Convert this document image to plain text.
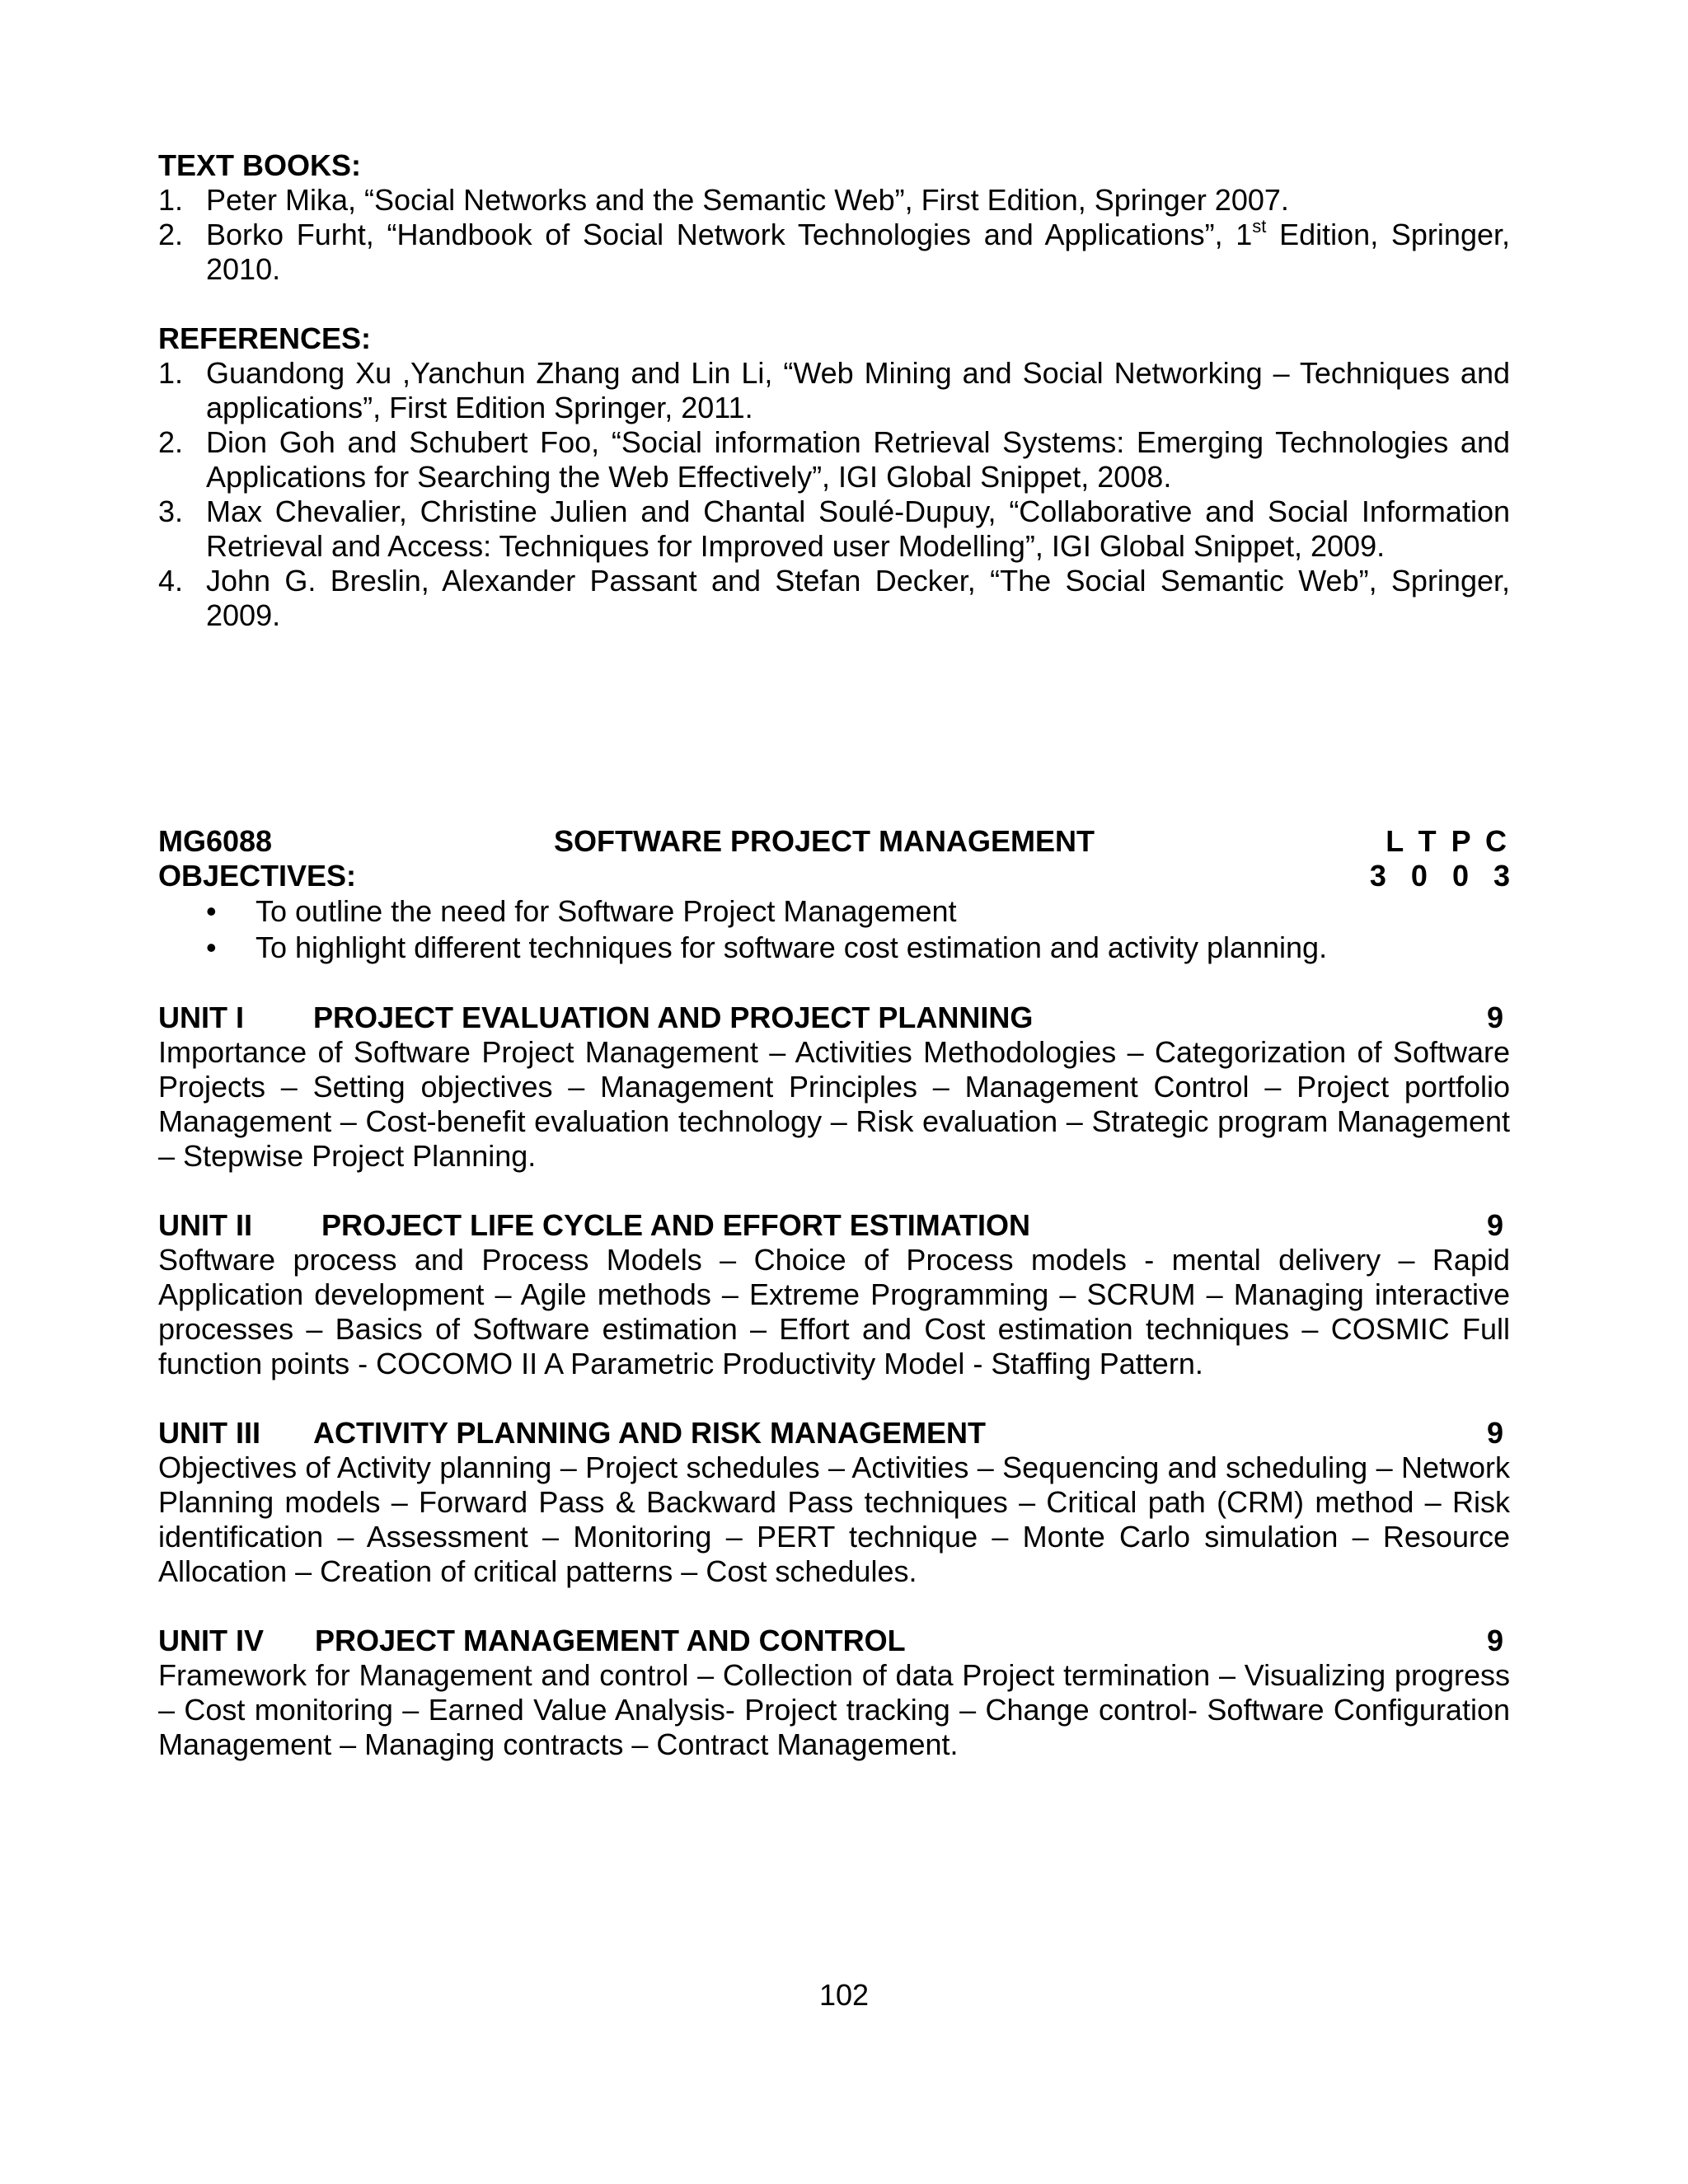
TEXT BOOKS:

1. Peter Mika, “Social Networks and the Semantic Web”, First Edition, Springer 2007.
2. Borko Furht, “Handbook of Social Network Technologies and Applications”, 1st Edition, Springer, 2010.

REFERENCES:

1. Guandong Xu ,Yanchun Zhang and Lin Li, “Web Mining and Social Networking – Techniques and applications”, First Edition Springer, 2011.
2. Dion Goh and Schubert Foo, “Social information Retrieval Systems: Emerging Technologies and Applications for Searching the Web Effectively”, IGI Global Snippet, 2008.
3. Max Chevalier, Christine Julien and Chantal Soulé-Dupuy, “Collaborative and Social Information Retrieval and Access: Techniques for Improved user Modelling”, IGI Global Snippet, 2009.
4. John G. Breslin, Alexander Passant and Stefan Decker, “The Social Semantic Web”, Springer, 2009.
MG6088	SOFTWARE PROJECT MANAGEMENT	L T P C
3 0 0 3

OBJECTIVES:

• To outline the need for Software Project Management
• To highlight different techniques for software cost estimation and activity planning.
UNIT I	PROJECT EVALUATION AND PROJECT PLANNING	9

Importance of Software Project Management – Activities Methodologies – Categorization of Software Projects – Setting objectives – Management Principles – Management Control – Project portfolio Management – Cost-benefit evaluation technology – Risk evaluation – Strategic program Management – Stepwise Project Planning.

UNIT II	PROJECT LIFE CYCLE AND EFFORT ESTIMATION	9

Software process and Process Models – Choice of Process models - mental delivery – Rapid Application development – Agile methods – Extreme Programming – SCRUM – Managing interactive processes – Basics of Software estimation – Effort and Cost estimation techniques – COSMIC Full function points - COCOMO II A Parametric Productivity Model - Staffing Pattern.

UNIT III	ACTIVITY PLANNING AND RISK MANAGEMENT	9

Objectives of Activity planning – Project schedules – Activities – Sequencing and scheduling – Network Planning models – Forward Pass & Backward Pass techniques – Critical path (CRM) method – Risk identification – Assessment – Monitoring – PERT technique – Monte Carlo simulation – Resource Allocation – Creation of critical patterns – Cost schedules.

UNIT IV	PROJECT MANAGEMENT AND CONTROL	9

Framework for Management and control – Collection of data Project termination – Visualizing progress – Cost monitoring – Earned Value Analysis- Project tracking – Change control- Software Configuration Management – Managing contracts – Contract Management.

102
